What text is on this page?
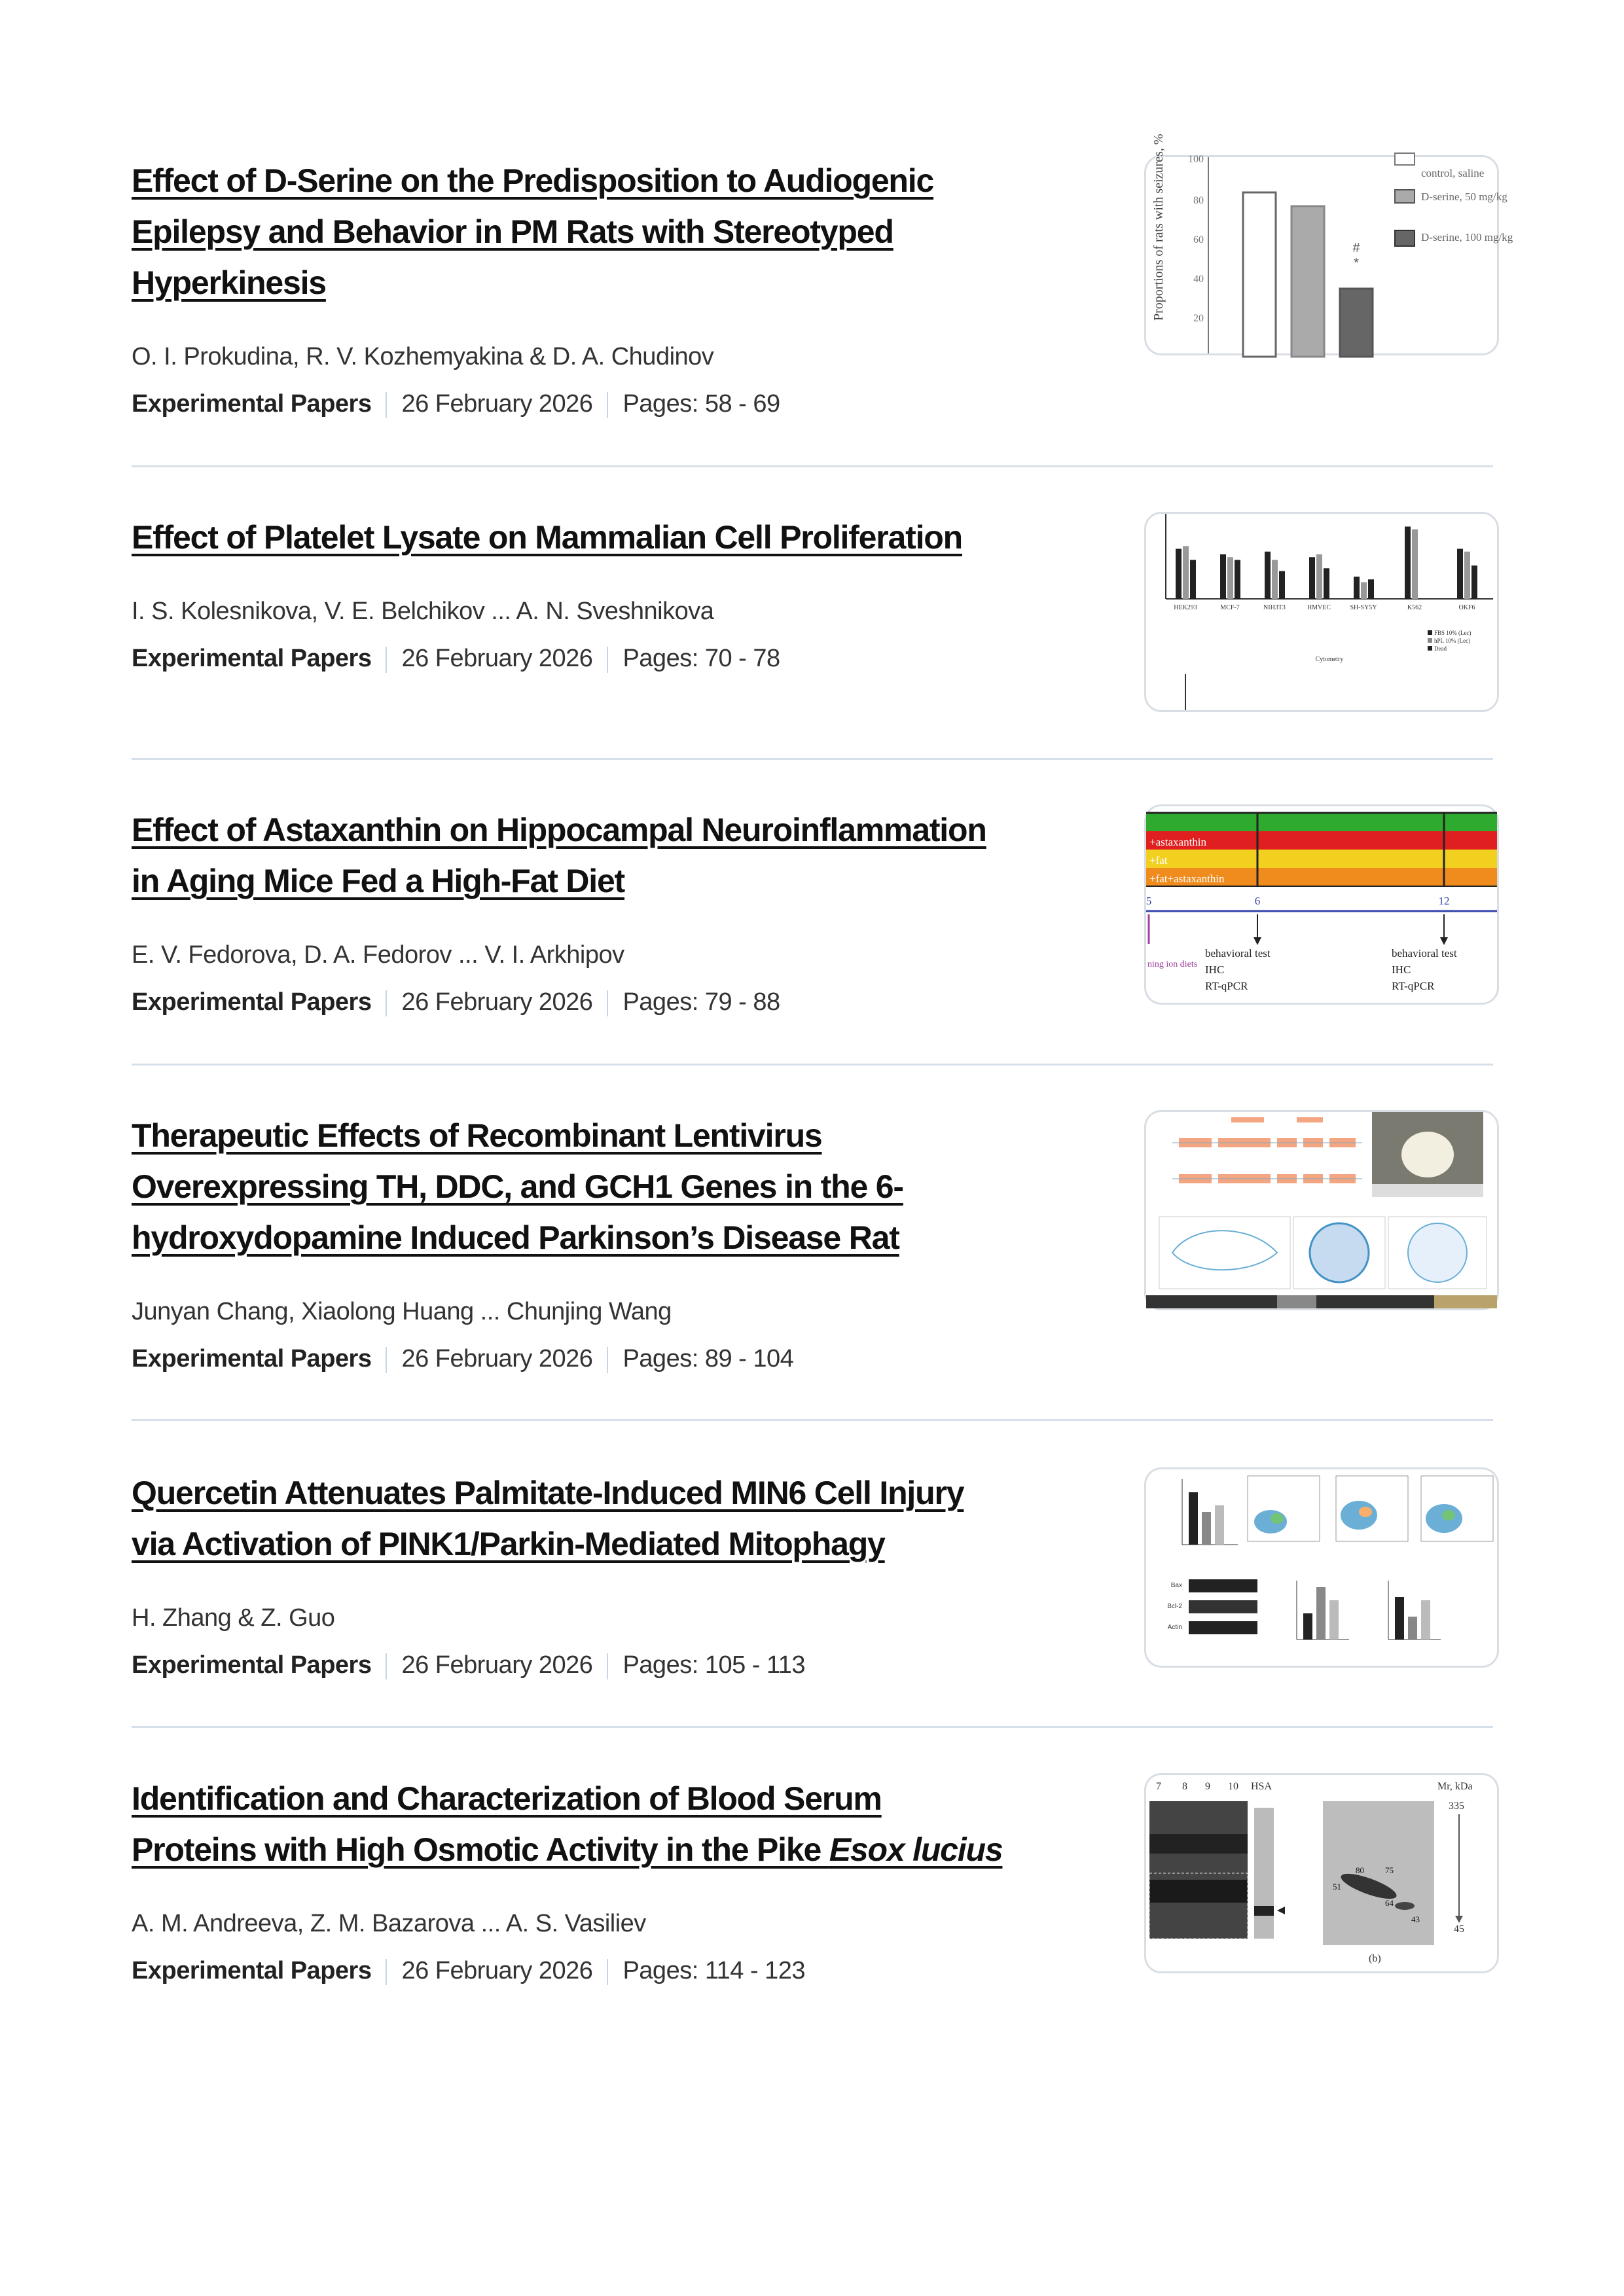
Effect of D-Serine on the Predisposition to Audiogenic
Epilepsy and Behavior in PM Rats with Stereotyped
Hyperkinesis
O. I. Prokudina, R. V. Kozhemyakina & D. A. Chudinov
Experimental Papers 26 February 2026 Pages: 58 - 69
Proportions of rats with seizures, % 100
80
60
40
20
#
*
control, saline
D-serine, 50 mg/kg
D-serine, 100 mg/kg
Effect of Platelet Lysate on Mammalian Cell Proliferation
I. S. Kolesnikova, V. E. Belchikov ... A. N. Sveshnikova
Experimental Papers 26 February 2026 Pages: 70 - 78
HEK293	MCF-7	NIH3T3	HMVEC	SH-SY5Y	K562	OKF6
Cytometry
FBS 10% (Lec)
hPL 10% (Lec)
Dead
Effect of Astaxanthin on Hippocampal Neuroinflammation
in Aging Mice Fed a High-Fat Diet
E. V. Fedorova, D. A. Fedorov ... V. I. Arkhipov
Experimental Papers 26 February 2026 Pages: 79 - 88
+astaxanthin
+fat
+fat+astaxanthin
5	6	12
behavioral test
IHC
RT-qPCR
behavioral test
IHC
RT-qPCR
ning ion diets
Therapeutic Effects of Recombinant Lentivirus
Overexpressing TH, DDC, and GCH1 Genes in the 6-
hydroxydopamine Induced Parkinson’s Disease Rat
Junyan Chang, Xiaolong Huang ... Chunjing Wang
Experimental Papers 26 February 2026 Pages: 89 - 104
Quercetin Attenuates Palmitate-Induced MIN6 Cell Injury
via Activation of PINK1/Parkin-Mediated Mitophagy
H. Zhang & Z. Guo
Experimental Papers 26 February 2026 Pages: 105 - 113
Bax
Bcl-2
Actin
Identification and Characterization of Blood Serum
Proteins with High Osmotic Activity in the Pike Esox lucius
A. M. Andreeva, Z. M. Bazarova ... A. S. Vasiliev
Experimental Papers 26 February 2026 Pages: 114 - 123
7 8 9 10 HSA	Mr, kDa
335
45
(b)
80 75
64
43
51
